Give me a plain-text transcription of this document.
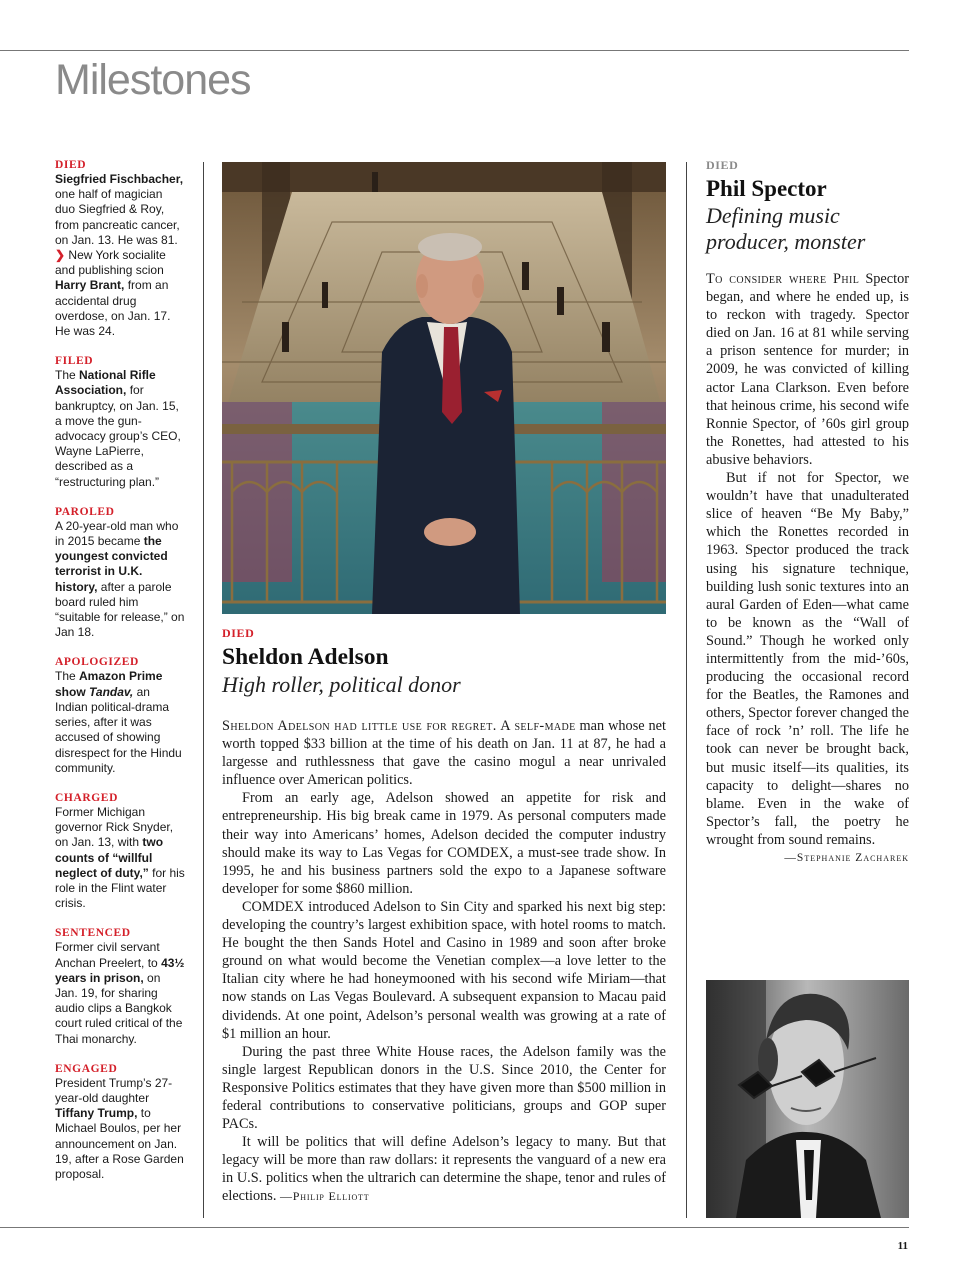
Milestones
DIED

Siegfried Fischbacher, one half of magician duo Siegfried & Roy, from pancreatic cancer, on Jan. 13. He was 81.

❯ New York socialite and publishing scion Harry Brant, from an accidental drug overdose, on Jan. 17. He was 24.

FILED

The National Rifle Association, for bankruptcy, on Jan. 15, a move the gun-advocacy group’s CEO, Wayne LaPierre, described as a “restructuring plan.”

PAROLED

A 20-year-old man who in 2015 became the youngest convicted terrorist in U.K. history, after a parole board ruled him “suitable for release,” on Jan 18.

APOLOGIZED

The Amazon Prime show Tandav, an Indian political-drama series, after it was accused of showing disrespect for the Hindu community.

CHARGED

Former Michigan governor Rick Snyder, on Jan. 13, with two counts of “willful neglect of duty,” for his role in the Flint water crisis.

SENTENCED

Former civil servant Anchan Preelert, to 43½ years in prison, on Jan. 19, for sharing audio clips a Bangkok court ruled critical of the Thai monarchy.

ENGAGED

President Trump’s 27-year-old daughter Tiffany Trump, to Michael Boulos, per her announcement on Jan. 19, after a Rose Garden proposal.

DIED
Sheldon Adelson
High roller, political donor

Sheldon Adelson had little use for regret. A self-made man whose net worth topped $33 billion at the time of his death on Jan. 11 at 87, he had a largesse and ruthlessness that gave the casino mogul a near unrivaled influence over American politics.

From an early age, Adelson showed an appetite for risk and entrepreneurship. His big break came in 1979. As personal computers made their way into Americans’ homes, Adelson decided the computer industry should make its way to Las Vegas for COMDEX, a must-see trade show. In 1995, he and his business partners sold the expo to a Japanese software developer for some $860 million.

COMDEX introduced Adelson to Sin City and sparked his next big step: developing the country’s largest exhibition space, with hotel rooms to match. He bought the then Sands Hotel and Casino in 1989 and soon after broke ground on what would become the Venetian complex—a love letter to the Italian city where he had honeymooned with his second wife Miriam—that now stands on Las Vegas Boulevard. A subsequent expansion to Macau paid dividends. At one point, Adelson’s personal wealth was growing at a rate of $1 million an hour.

During the past three White House races, the Adelson family was the single largest Republican donors in the U.S. Since 2010, the Center for Responsive Politics estimates that they have given more than $500 million in federal contributions to conservative politicians, groups and GOP super PACs.

It will be politics that will define Adelson’s legacy to many. But that legacy will be more than raw dollars: it represents the vanguard of a new era in U.S. politics when the ultrarich can determine the shape, tenor and rules of elections. —Philip Elliott

DIED
Phil Spector
Defining music producer, monster

To consider where Phil Spector began, and where he ended up, is to reckon with tragedy. Spector died on Jan. 16 at 81 while serving a prison sentence for murder; in 2009, he was convicted of killing actor Lana Clarkson. Even before that heinous crime, his second wife Ronnie Spector, of ’60s girl group the Ronettes, had attested to his abusive behaviors.

But if not for Spector, we wouldn’t have that unadulterated slice of heaven “Be My Baby,” which the Ronettes recorded in 1963. Spector produced the track using his signature technique, building lush sonic textures into an aural Garden of Eden—what came to be known as the “Wall of Sound.” Though he worked only intermittently from the mid-’60s, producing the occasional record for the Beatles, the Ramones and others, Spector forever changed the face of rock ’n’ roll. The life he took can never be brought back, but music itself—its qualities, its capacity to delight—shares no blame. Even in the wake of Spector’s fall, the poetry he wrought from sound remains.

—Stephanie Zacharek
11
